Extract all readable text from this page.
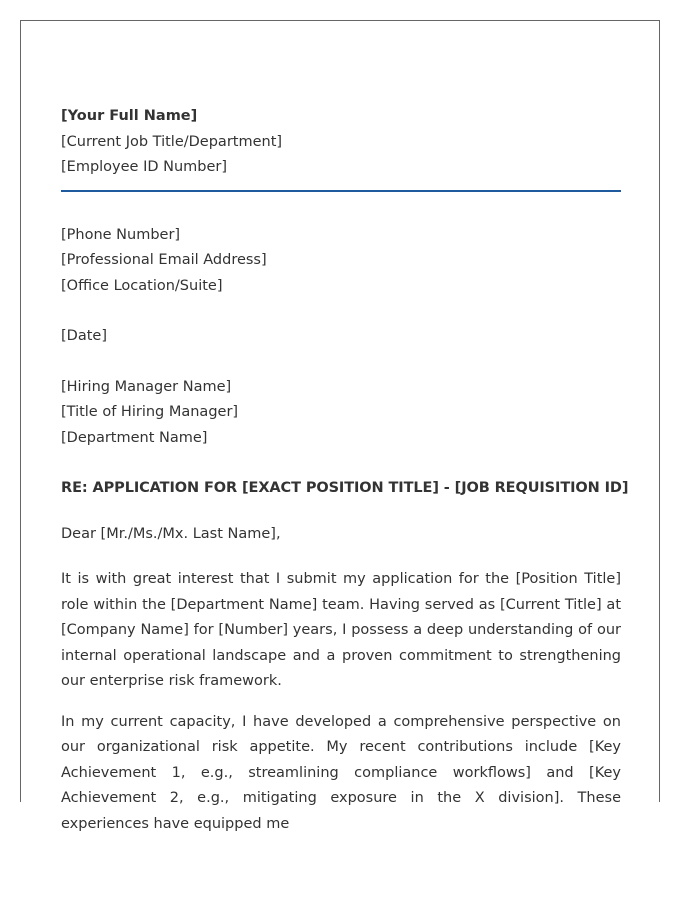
[Your Full Name]
[Current Job Title/Department]
[Employee ID Number]
[Phone Number]
[Professional Email Address]
[Office Location/Suite]
[Date]
[Hiring Manager Name]
[Title of Hiring Manager]
[Department Name]
RE: APPLICATION FOR [EXACT POSITION TITLE] - [JOB REQUISITION ID]
Dear [Mr./Ms./Mx. Last Name],

It is with great interest that I submit my application for the [Position Title] role within the [Department Name] team. Having served as [Current Title] at [Company Name] for [Number] years, I possess a deep understanding of our internal operational landscape and a proven commitment to strengthening our enterprise risk framework.

In my current capacity, I have developed a comprehensive perspective on our organizational risk appetite. My recent contributions include [Key Achievement 1, e.g., streamlining compliance workflows] and [Key Achievement 2, e.g., mitigating exposure in the X division]. These experiences have equipped me
